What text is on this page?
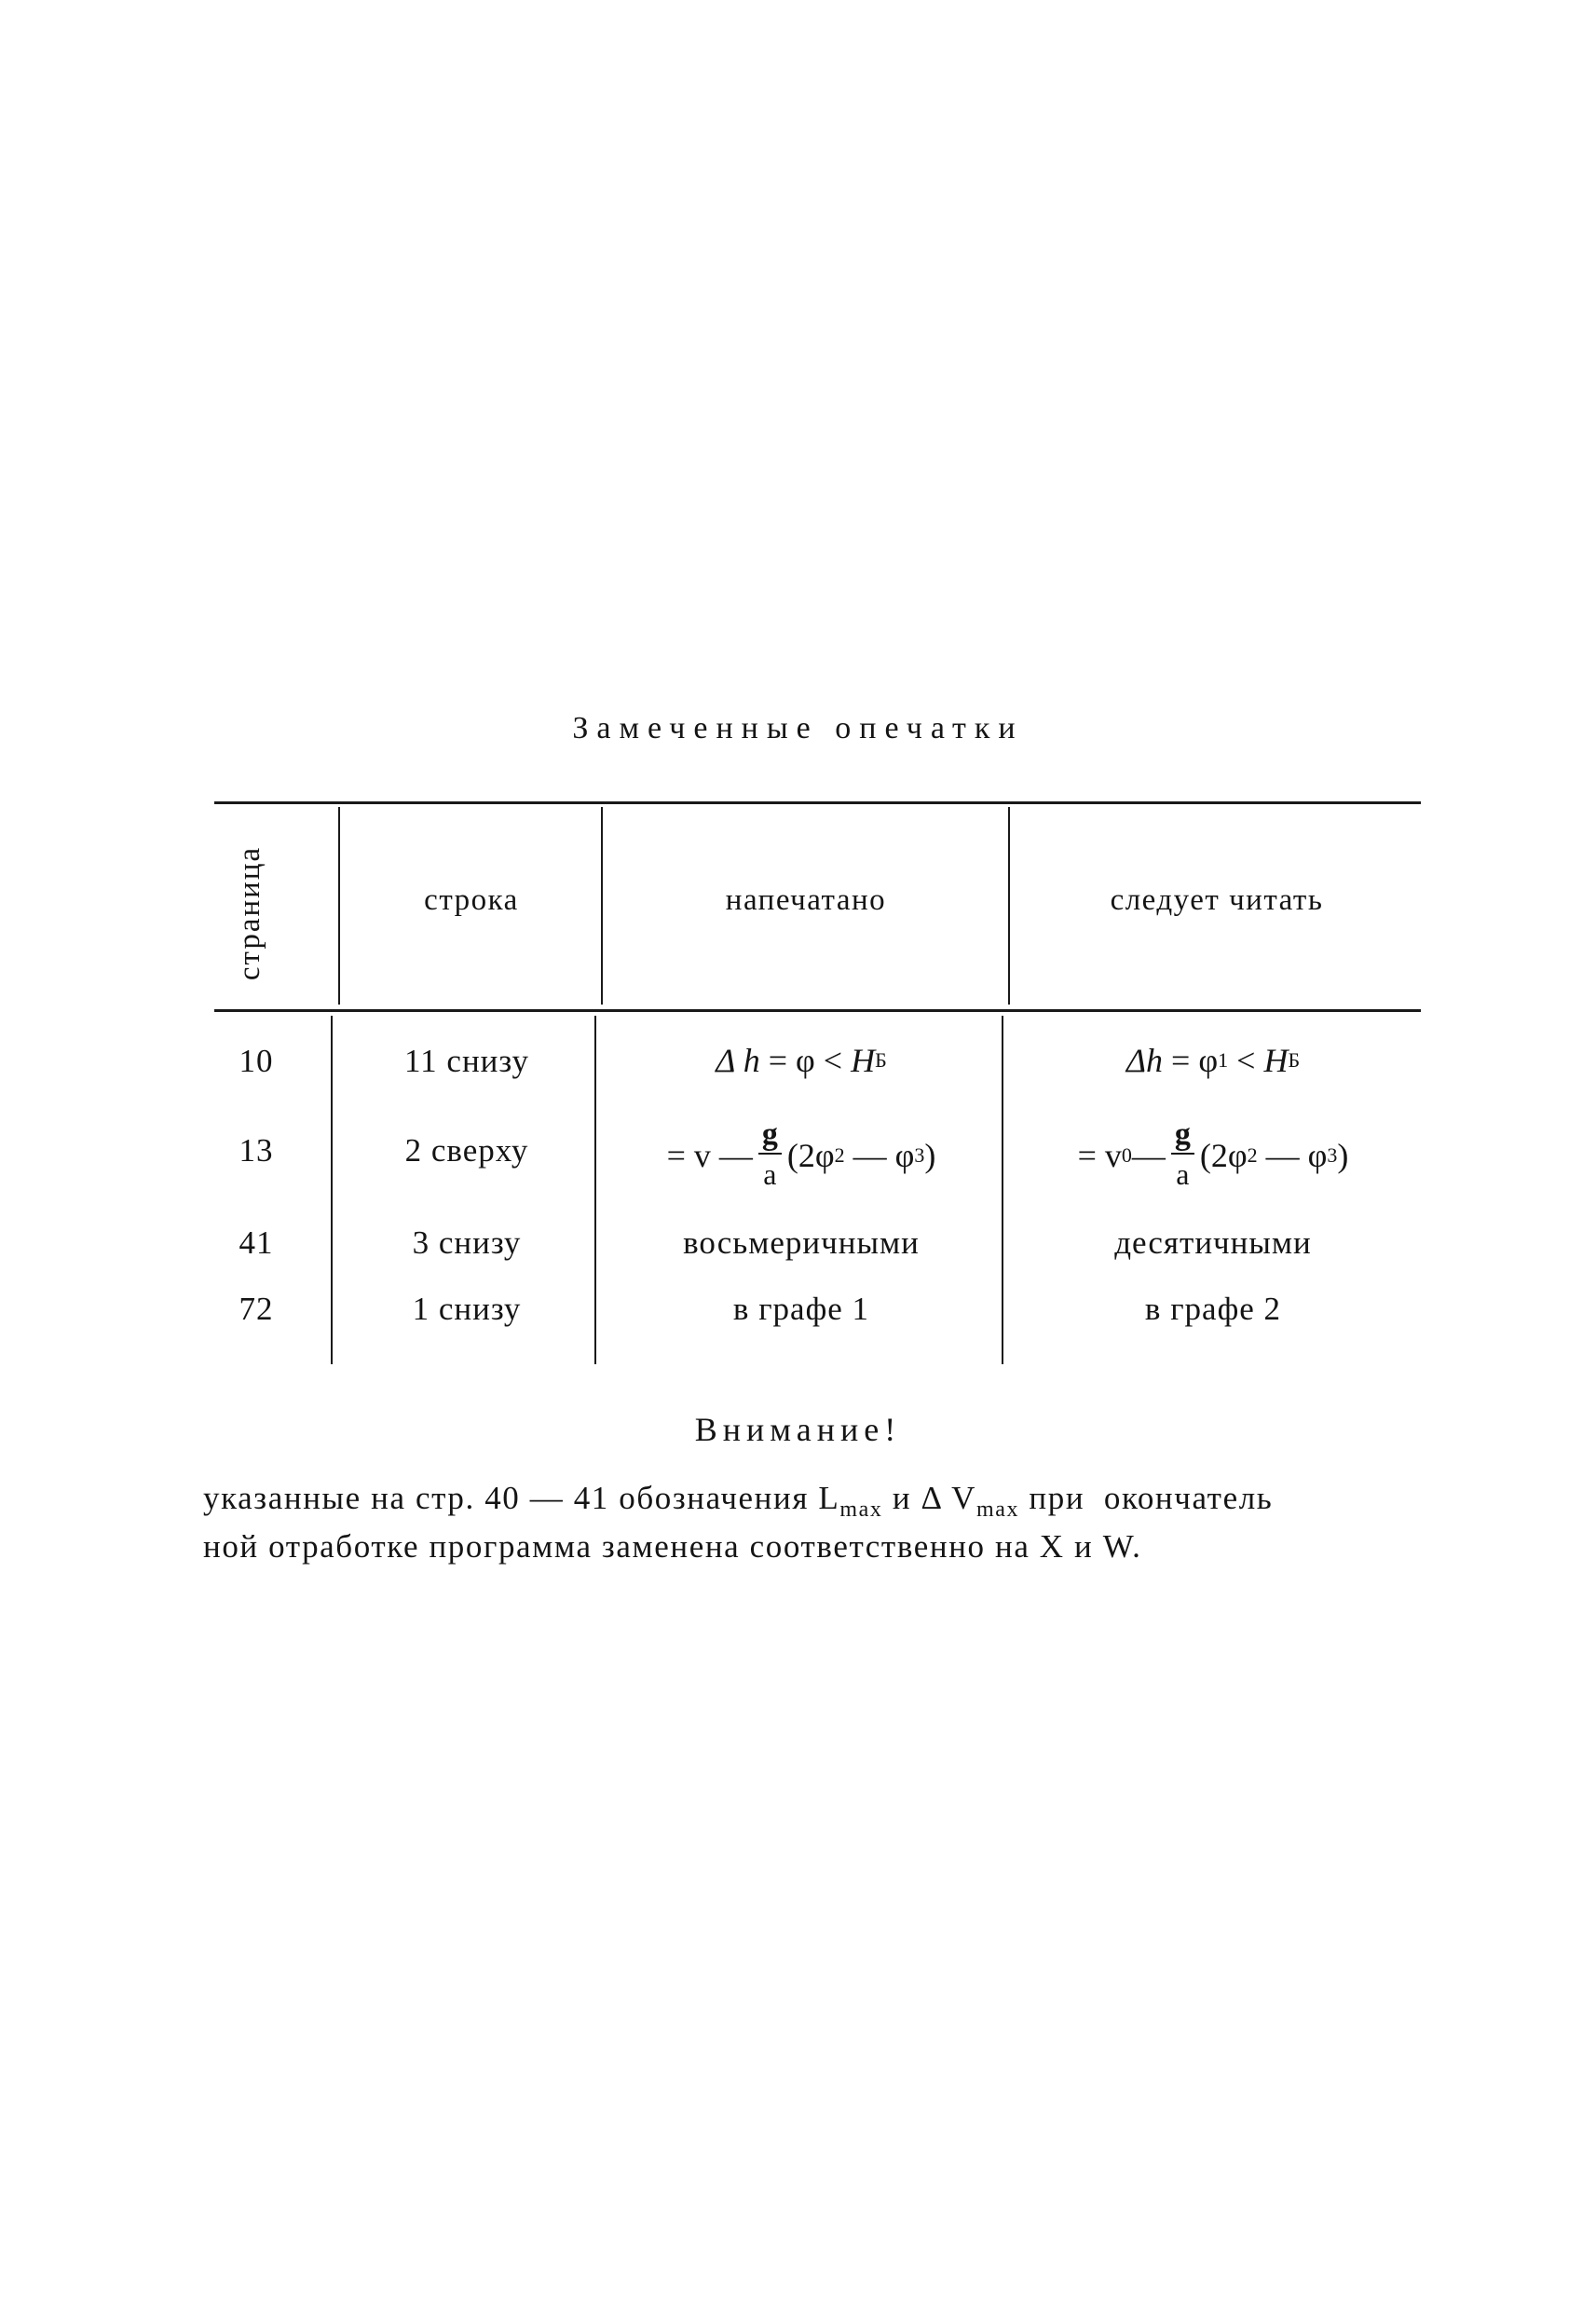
Замеченные опечатки
страница	строка	напечатано	следует читать
10	11 снизу	Δ h = φ < H Б	Δh = φ 1 < H Б
13	2 сверху	= v — $\frac{g}{a} (2\varphi$ 2 — φ 3 )	= v 0 — $\frac{g}{a} (2\varphi$ 2 — φ 3 )
41	3 снизу	восьмеричными	десятичными
72	1 снизу	в графе 1	в графе 2
Внимание!
указанные на стр. 40 — 41 обозначения $L_{max}$ и Δ $V_{max}$ при  окончатель
ной отработке программа заменена соответственно на X и W.
